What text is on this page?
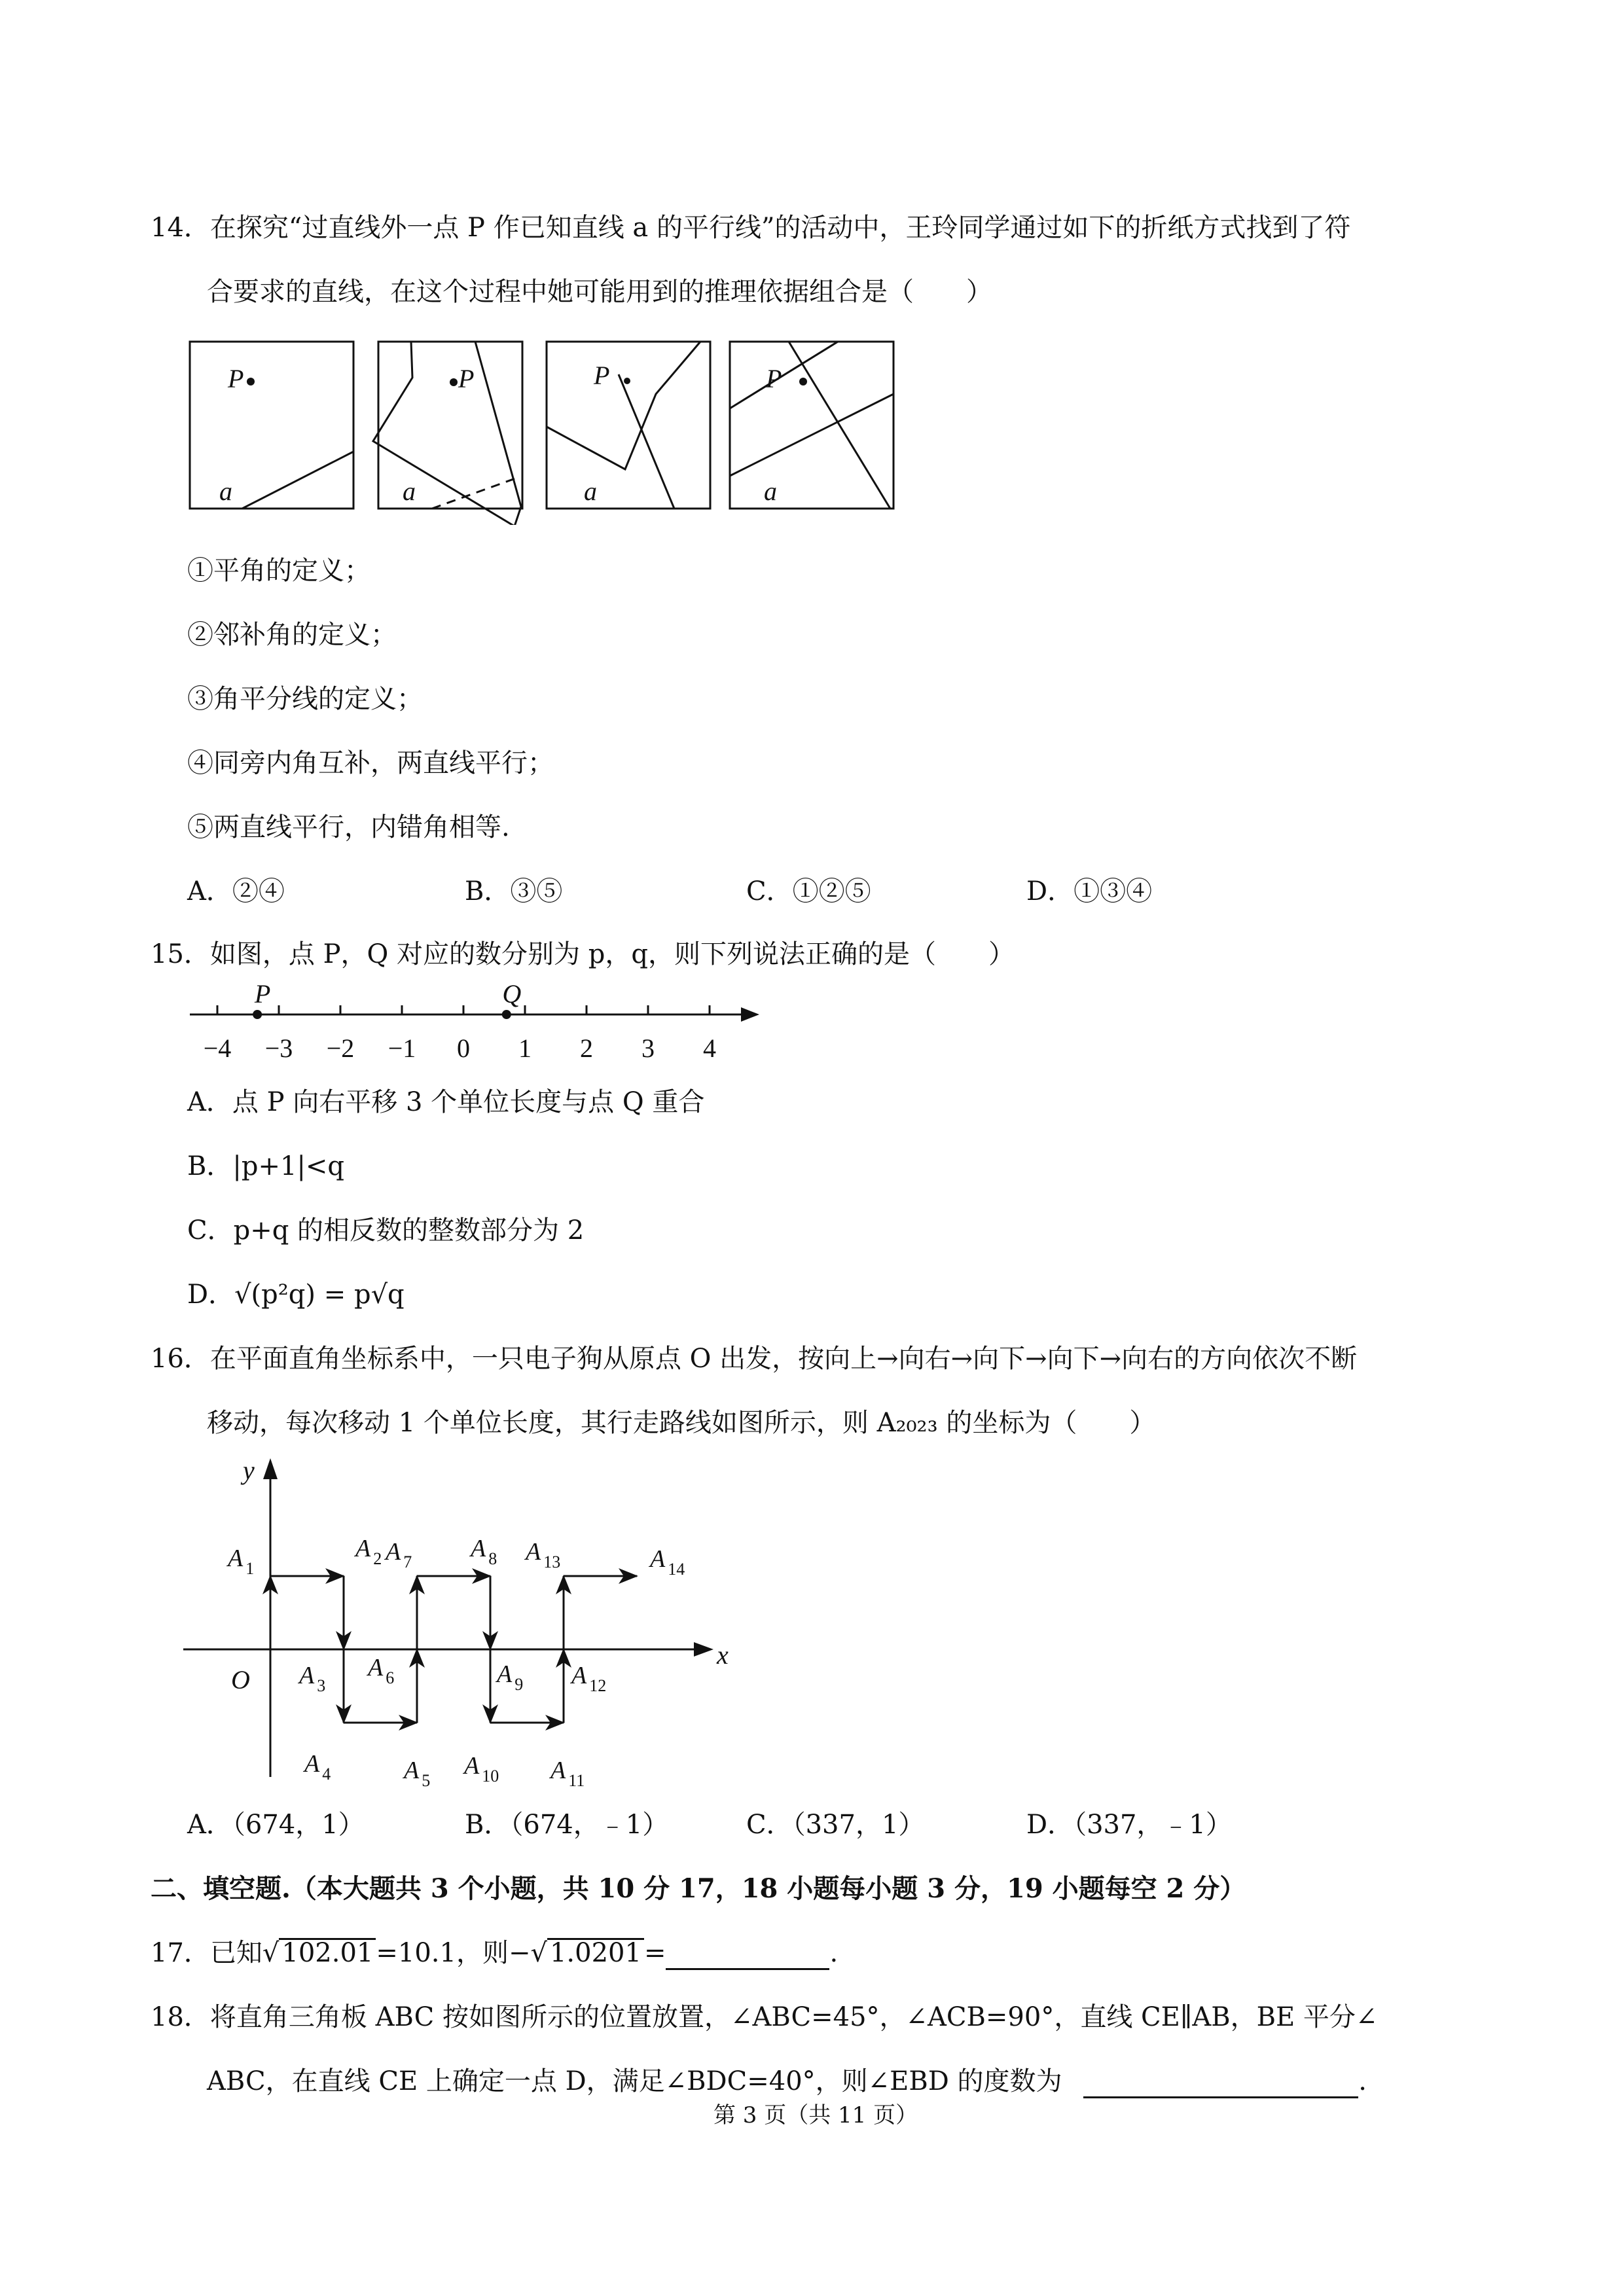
14．在探究“过直线外一点 P 作已知直线 a 的平行线”的活动中，王玲同学通过如下的折纸方式找到了符
合要求的直线，在这个过程中她可能用到的推理依据组合是（　　）
P
a
P
a
P
a
P
a
①平角的定义；
②邻补角的定义；
③角平分线的定义；
④同旁内角互补，两直线平行；
⑤两直线平行，内错角相等.
A．②④	B．③⑤	C．①②⑤	D．①③④
15．如图，点 P，Q 对应的数分别为 p，q，则下列说法正确的是（　　）
−4 −3 −2 −1 0 1 2 3 4
P	Q
A．点 P 向右平移 3 个单位长度与点 Q 重合
B．|p+1|<q
C．p+q 的相反数的整数部分为 2
D．√(p²q) = p√q
16．在平面直角坐标系中，一只电子狗从原点 O 出发，按向上→向右→向下→向下→向右的方向依次不断
移动，每次移动 1 个单位长度，其行走路线如图所示，则 A₂₀₂₃ 的坐标为（　　）
x
y
O
A $_1$
A $_2$
A $_3$
A $_4$	A $_5$
A $_6$
A $_7$ A $_8$
A $_9$
A $_{10}$ A $_{11}$
A $_{12}$
A $_{13}$	A $_{14}$
A．（674，1）	B．（674，﹣1）	C．（337，1）	D．（337，﹣1）
二、填空题.（本大题共 3 个小题，共 10 分 17，18 小题每小题 3 分，19 小题每空 2 分）
17．已知√ 102.01 =10.1，则−√ 1.0201 =	.
18．将直角三角板 ABC 按如图所示的位置放置，∠ABC=45°，∠ACB=90°，直线 CE∥AB，BE 平分∠
ABC，在直线 CE 上确定一点 D，满足∠BDC=40°，则∠EBD 的度数为	.
第 3 页（共 11 页）
